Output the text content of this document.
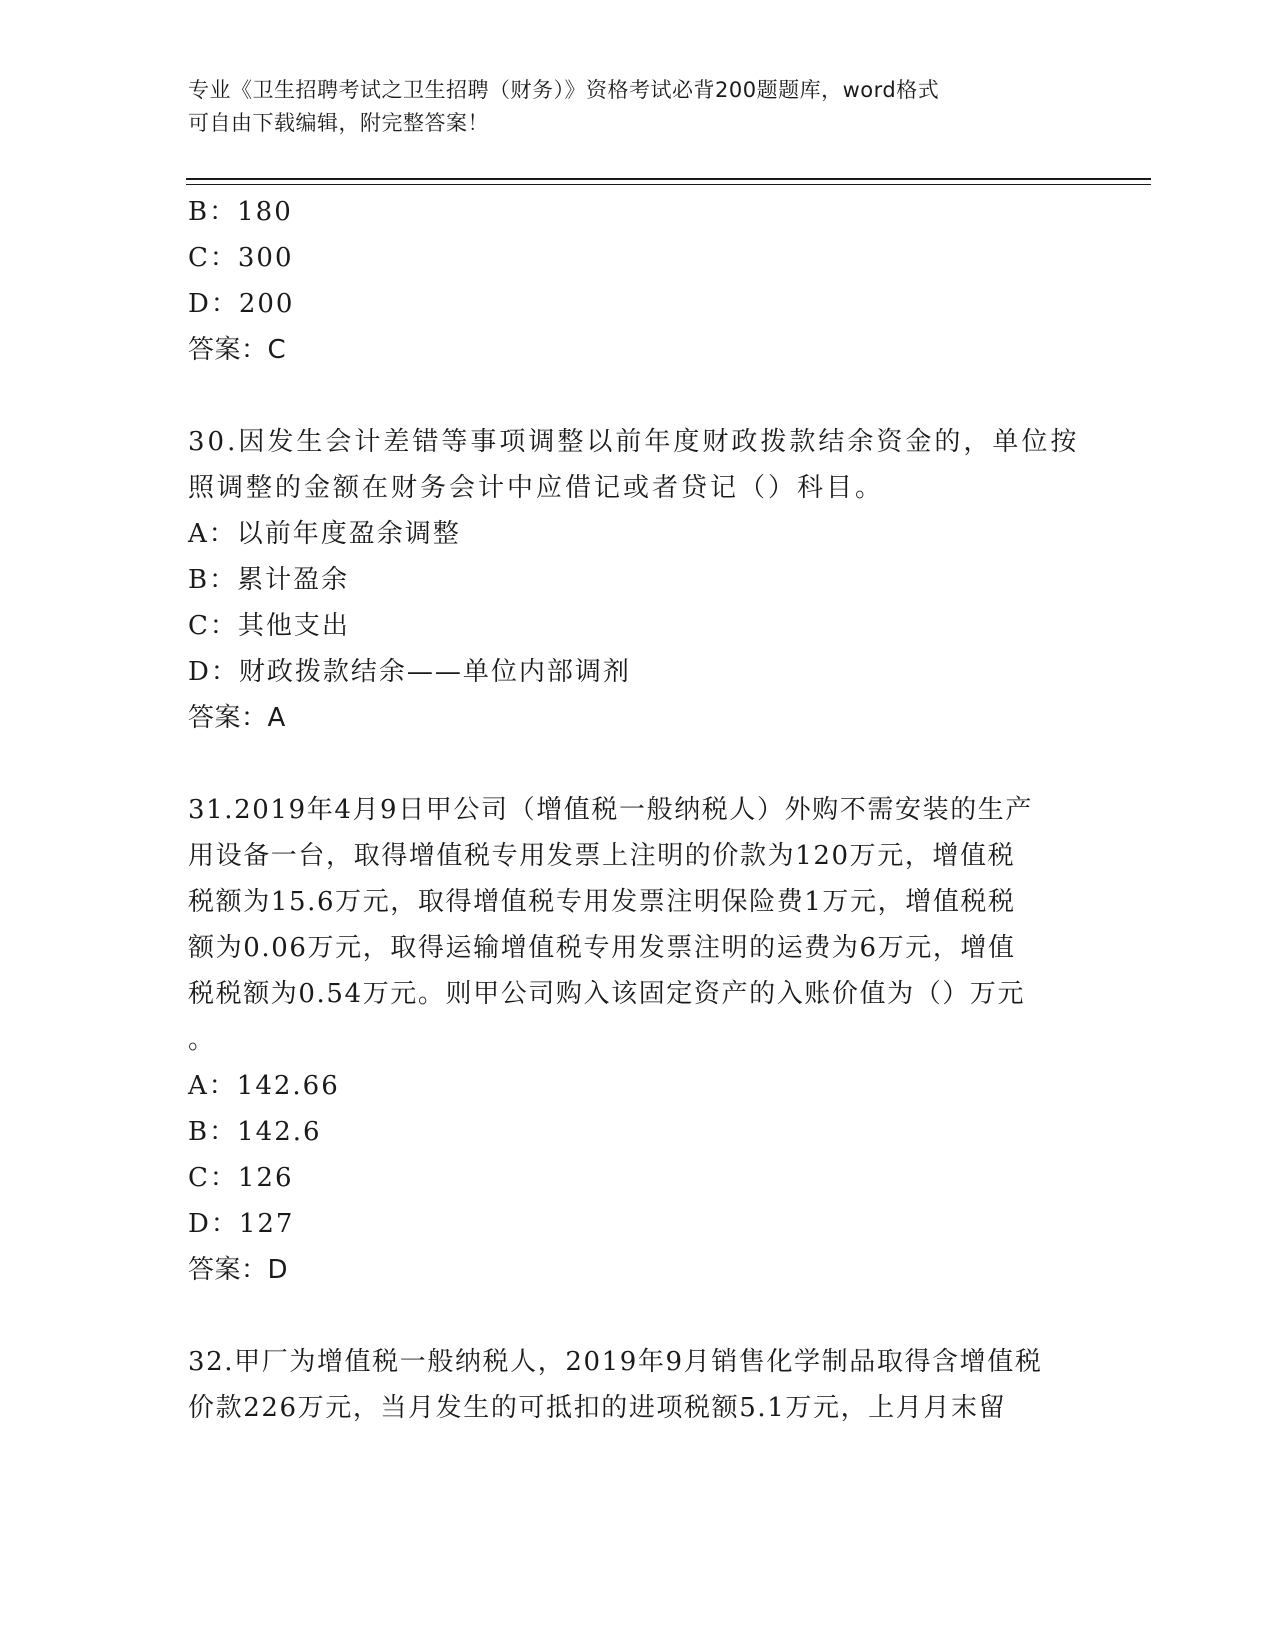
专业《卫生招聘考试之卫生招聘（财务）》资格考试必背200题题库，word格式
可自由下载编辑，附完整答案！
B：180
C：300
D：200
答案：C
30.因发生会计差错等事项调整以前年度财政拨款结余资金的，单位按
照调整的金额在财务会计中应借记或者贷记（）科目。
A：以前年度盈余调整
B：累计盈余
C：其他支出
D：财政拨款结余——单位内部调剂
答案：A
31.2019年4月9日甲公司（增值税一般纳税人）外购不需安装的生产
用设备一台，取得增值税专用发票上注明的价款为120万元，增值税
税额为15.6万元，取得增值税专用发票注明保险费1万元，增值税税
额为0.06万元，取得运输增值税专用发票注明的运费为6万元，增值
税税额为0.54万元。则甲公司购入该固定资产的入账价值为（）万元
。
A：142.66
B：142.6
C：126
D：127
答案：D
32.甲厂为增值税一般纳税人，2019年9月销售化学制品取得含增值税
价款226万元，当月发生的可抵扣的进项税额5.1万元，上月月末留
